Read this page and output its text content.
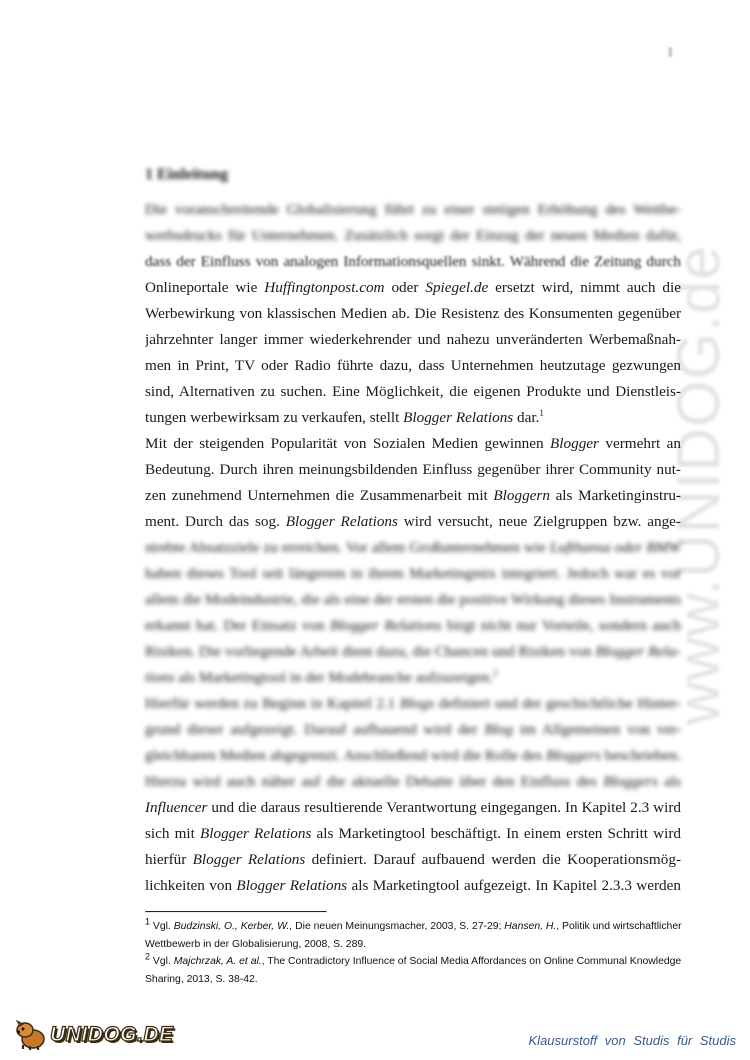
1
www.UNIDOG.de
1 Einleitung
Die voranschreitende Globalisierung führt zu einer stetigen Erhöhung des Wettbe-
werbsdrucks für Unternehmen. Zusätzlich sorgt der Einzug der neuen Medien dafür,
dass der Einfluss von analogen Informationsquellen sinkt. Während die Zeitung durch
Onlineportale wie Huffingtonpost.com oder Spiegel.de ersetzt wird, nimmt auch die
Werbewirkung von klassischen Medien ab. Die Resistenz des Konsumenten gegenüber
jahrzehnter langer immer wiederkehrender und nahezu unveränderten Werbemaßnah-
men in Print, TV oder Radio führte dazu, dass Unternehmen heutzutage gezwungen
sind, Alternativen zu suchen. Eine Möglichkeit, die eigenen Produkte und Dienstleis-
tungen werbewirksam zu verkaufen, stellt Blogger Relations dar.$^1$
Mit der steigenden Popularität von Sozialen Medien gewinnen Blogger vermehrt an
Bedeutung. Durch ihren meinungsbildenden Einfluss gegenüber ihrer Community nut-
zen zunehmend Unternehmen die Zusammenarbeit mit Bloggern als Marketinginstru-
ment. Durch das sog. Blogger Relations wird versucht, neue Zielgruppen bzw. ange-
strebte Absatzziele zu erreichen. Vor allem Großunternehmen wie Lufthansa oder BMW
haben dieses Tool seit längerem in ihrem Marketingmix integriert. Jedoch war es vor
allem die Modeindustrie, die als eine der ersten die positive Wirkung dieses Instruments
erkannt hat. Der Einsatz von Blogger Relations birgt nicht nur Vorteile, sondern auch
Risiken. Die vorliegende Arbeit dient dazu, die Chancen und Risiken von Blogger Rela-
tions als Marketingtool in der Modebranche aufzuzeigen.$^2$
Hierfür werden zu Beginn in Kapitel 2.1 Blogs definiert und der geschichtliche Hinter-
grund dieser aufgezeigt. Darauf aufbauend wird der Blog im Allgemeinen von ver-
gleichbaren Medien abgegrenzt. Anschließend wird die Rolle des Bloggers beschrieben.
Hierzu wird auch näher auf die aktuelle Debatte über den Einfluss des Bloggers als
Influencer und die daraus resultierende Verantwortung eingegangen. In Kapitel 2.3 wird
sich mit Blogger Relations als Marketingtool beschäftigt. In einem ersten Schritt wird
hierfür Blogger Relations definiert. Darauf aufbauend werden die Kooperationsmög-
lichkeiten von Blogger Relations als Marketingtool aufgezeigt. In Kapitel 2.3.3 werden

$^1$ Vgl. Budzinski, O., Kerber, W., Die neuen Meinungsmacher, 2003, S. 27-29; Hansen, H., Politik und wirtschaftlicher Wettbewerb in der Globalisierung, 2008, S. 289.

$^2$ Vgl. Majchrzak, A. et al., The Contradictory Influence of Social Media Affordances on Online Communal Knowledge Sharing, 2013, S. 38-42.

UNIDOG.DE	Klausurstoff von Studis für Studis
